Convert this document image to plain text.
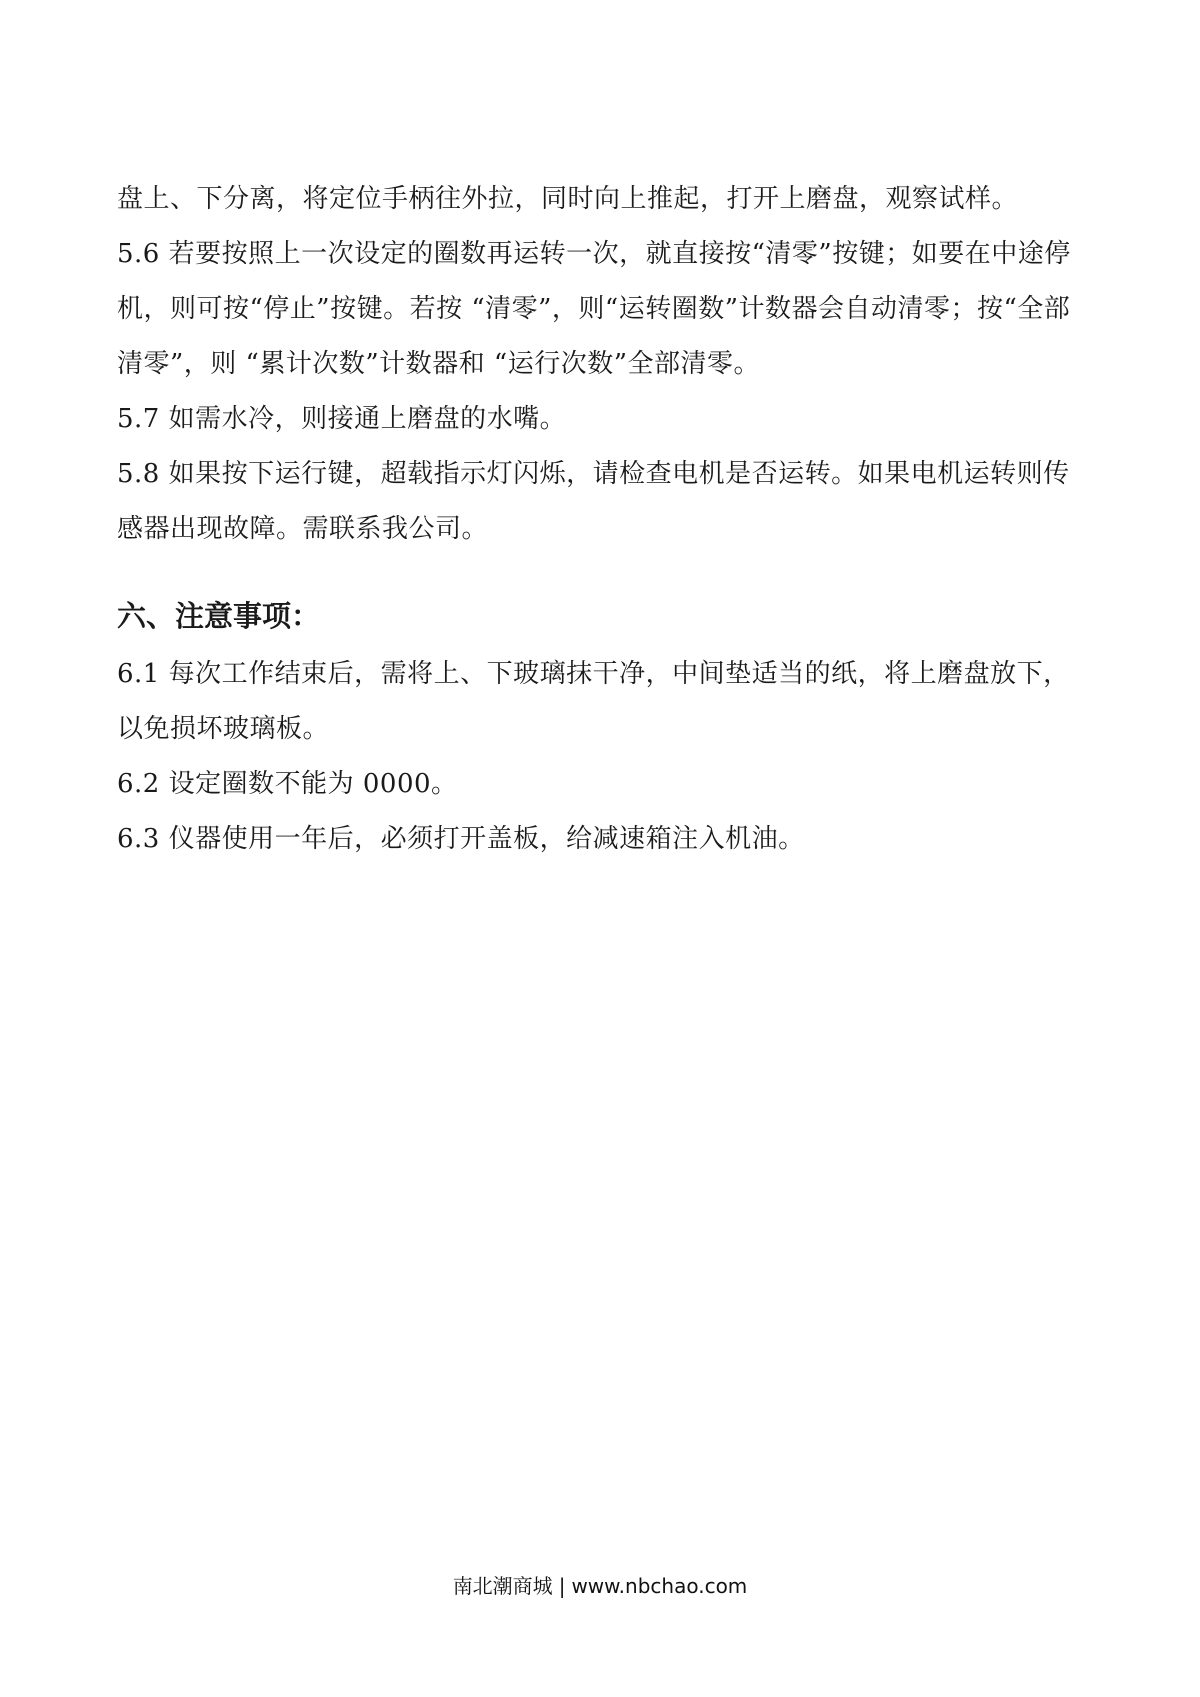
盘上、下分离，将定位手柄往外拉，同时向上推起，打开上磨盘，观察试样。

5.6 若要按照上一次设定的圈数再运转一次，就直接按“清零”按键；如要在中途停机，则可按“停止”按键。若按 “清零”，则“运转圈数”计数器会自动清零；按“全部清零”，则 “累计次数”计数器和 “运行次数”全部清零。

5.7 如需水冷，则接通上磨盘的水嘴。

5.8 如果按下运行键，超载指示灯闪烁，请检查电机是否运转。如果电机运转则传感器出现故障。需联系我公司。

六、注意事项：

6.1 每次工作结束后，需将上、下玻璃抹干净，中间垫适当的纸，将上磨盘放下，以免损坏玻璃板。

6.2 设定圈数不能为 0000。

6.3 仪器使用一年后，必须打开盖板，给减速箱注入机油。

南北潮商城 | www.nbchao.com
